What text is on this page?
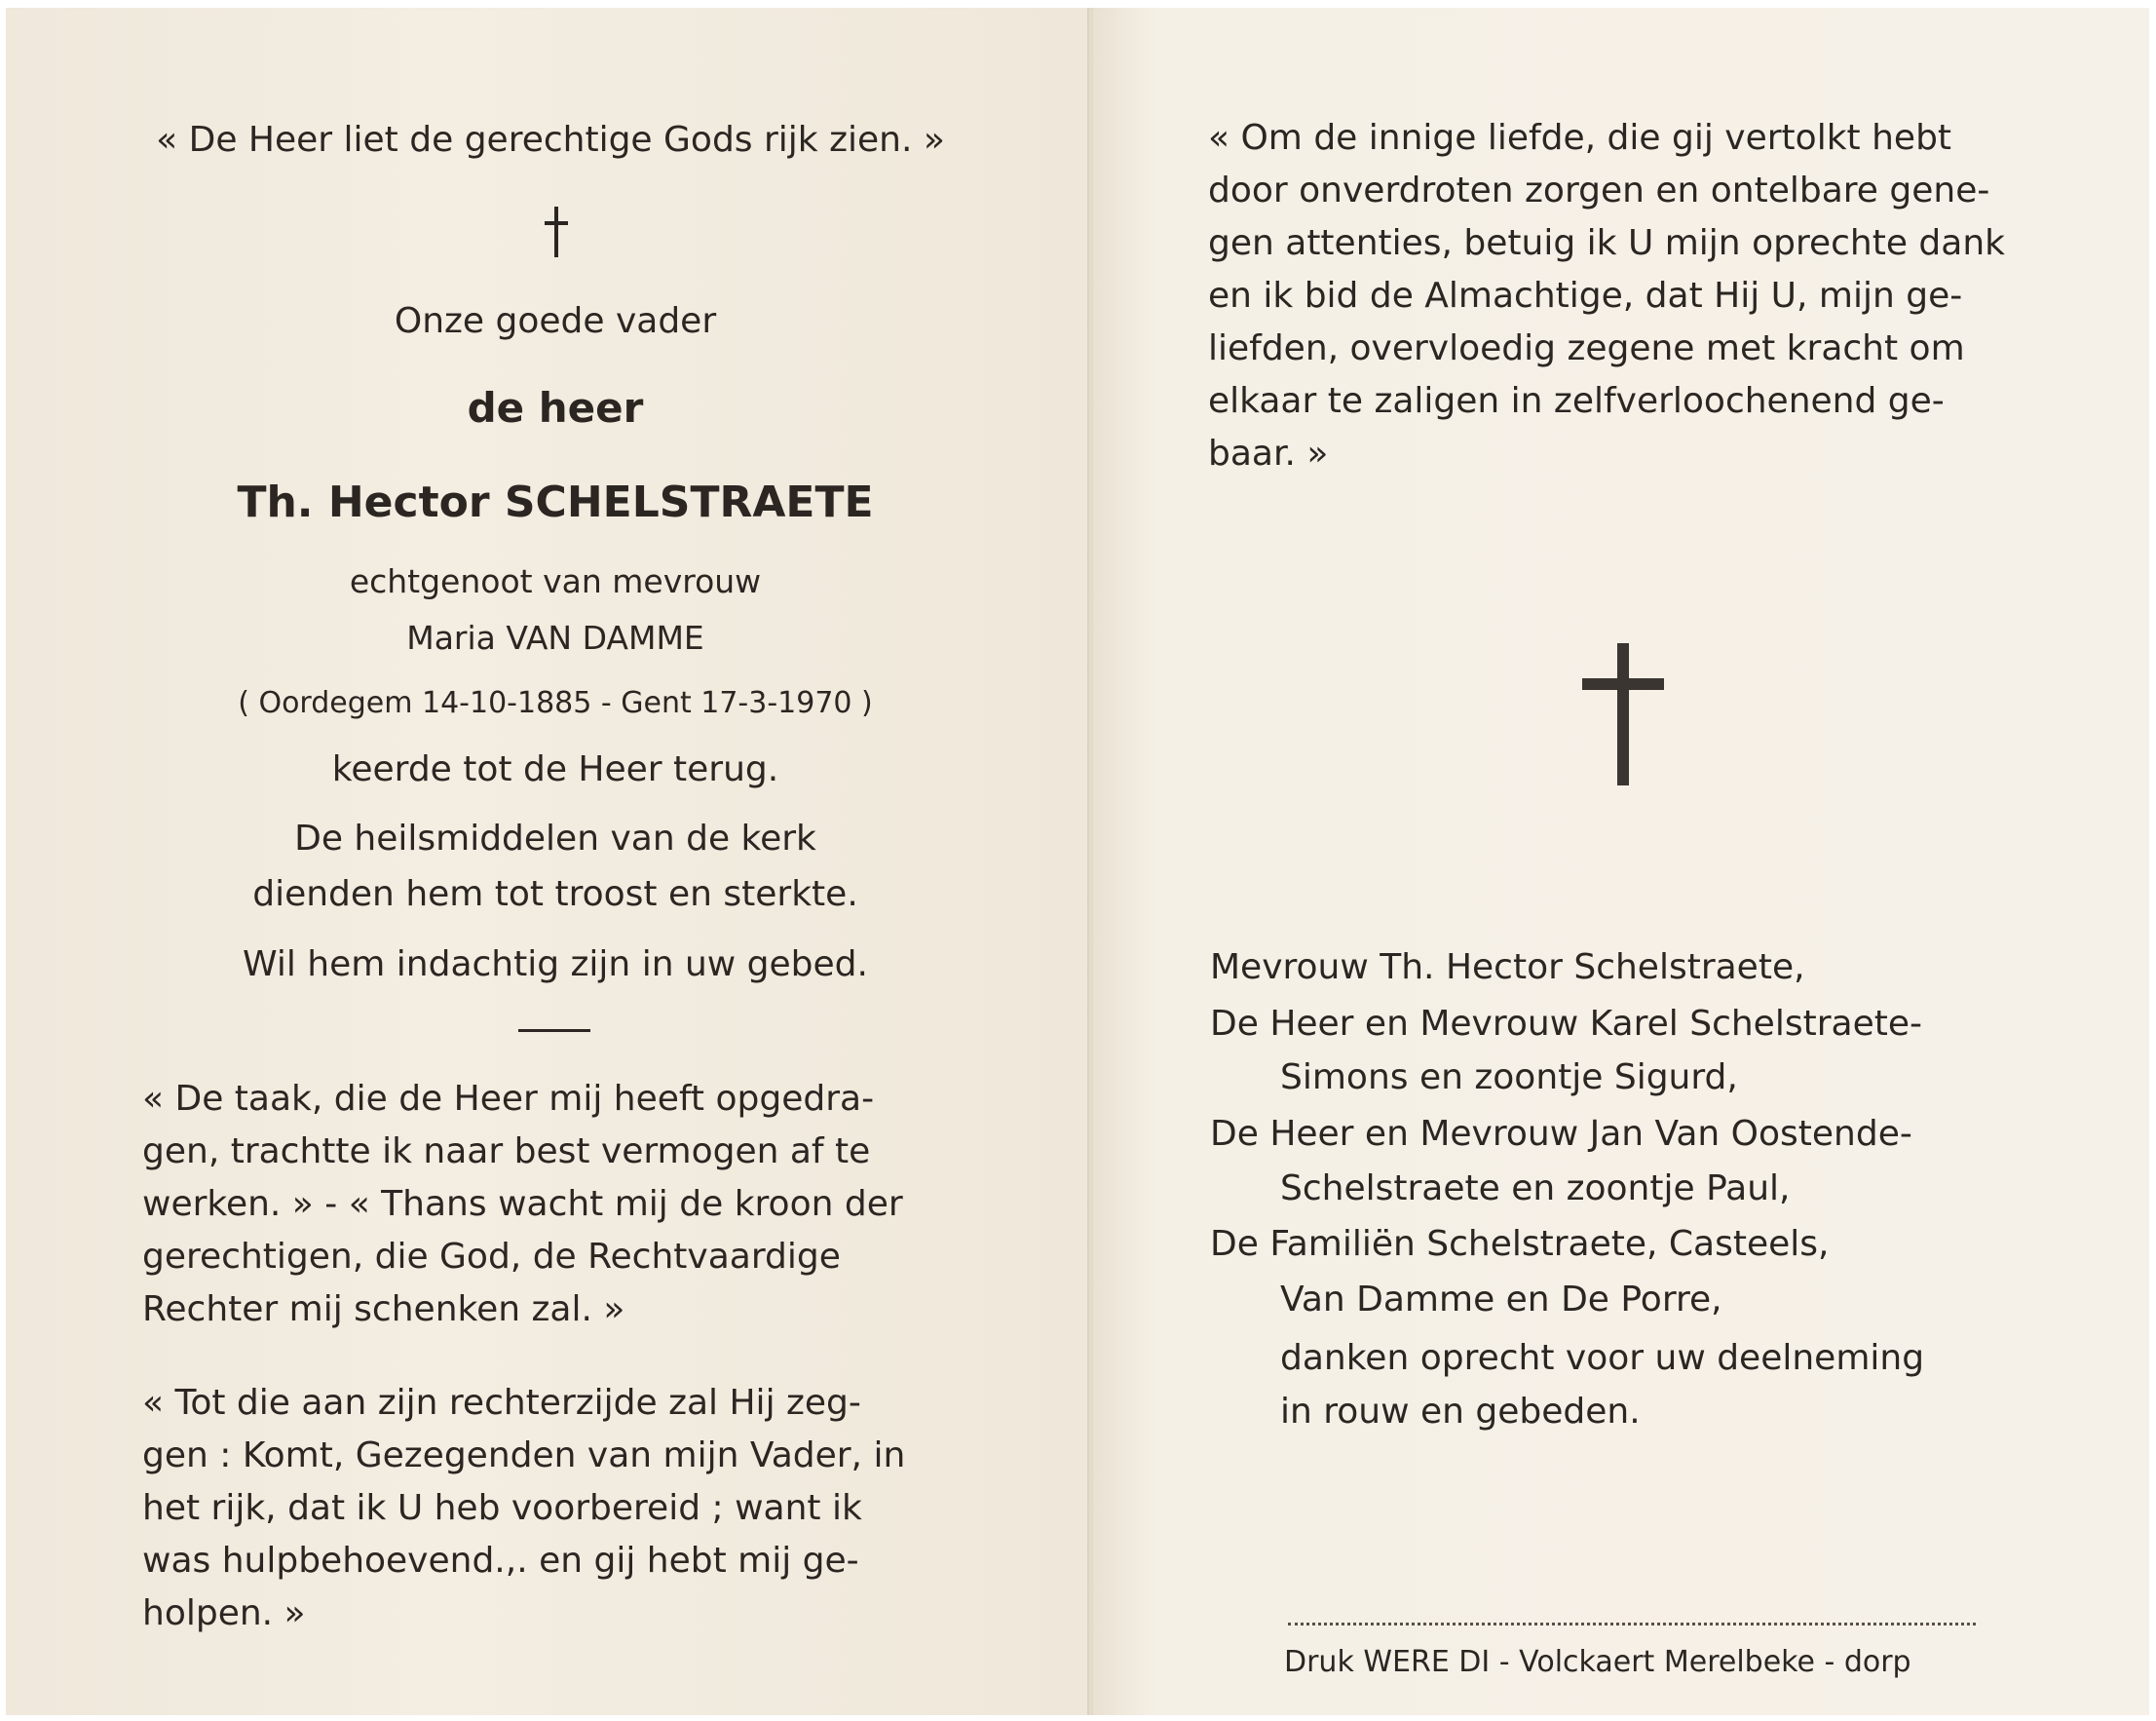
« De Heer liet de gerechtige Gods rijk zien. »
Onze goede vader
de heer
Th. Hector SCHELSTRAETE
echtgenoot van mevrouw
Maria VAN DAMME
( Oordegem 14-10-1885 - Gent 17-3-1970 )
keerde tot de Heer terug.
De heilsmiddelen van de kerk
dienden hem tot troost en sterkte.
Wil hem indachtig zijn in uw gebed.
« De taak, die de Heer mij heeft opgedra-
gen, trachtte ik naar best vermogen af te
werken. » - « Thans wacht mij de kroon der
gerechtigen, die God, de Rechtvaardige
Rechter mij schenken zal. »
« Tot die aan zijn rechterzijde zal Hij zeg-
gen : Komt, Gezegenden van mijn Vader, in
het rijk, dat ik U heb voorbereid ; want ik
was hulpbehoevend.,. en gij hebt mij ge-
holpen. »
« Om de innige liefde, die gij vertolkt hebt
door onverdroten zorgen en ontelbare gene-
gen attenties, betuig ik U mijn oprechte dank
en ik bid de Almachtige, dat Hij U, mijn ge-
liefden, overvloedig zegene met kracht om
elkaar te zaligen in zelfverloochenend ge-
baar. »
Mevrouw Th. Hector Schelstraete,
De Heer en Mevrouw Karel Schelstraete-
Simons en zoontje Sigurd,
De Heer en Mevrouw Jan Van Oostende-
Schelstraete en zoontje Paul,
De Familiën Schelstraete, Casteels,
Van Damme en De Porre,
danken oprecht voor uw deelneming
in rouw en gebeden.
Druk WERE DI - Volckaert Merelbeke - dorp
